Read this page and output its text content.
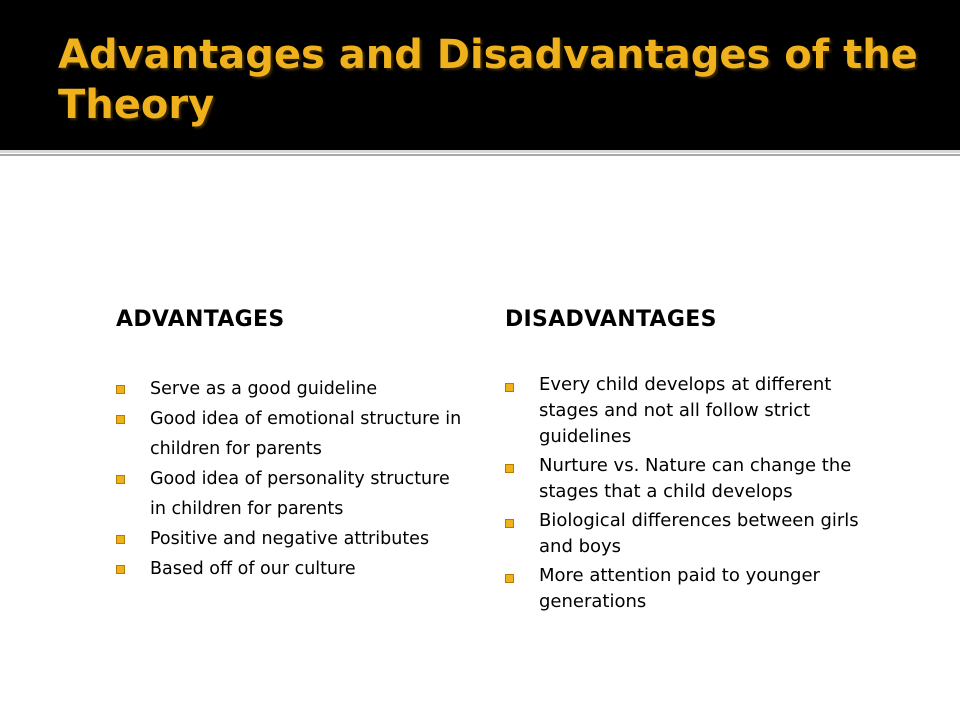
Advantages and Disadvantages of the Theory
ADVANTAGES
Serve as a good guideline
Good idea of emotional structure in children for parents
Good idea of personality structure in children for parents
Positive and negative attributes
Based off of our culture
DISADVANTAGES
Every child develops at different stages and not all follow strict guidelines
Nurture vs. Nature can change the stages that a child develops
Biological differences between girls and boys
More attention paid to younger generations
